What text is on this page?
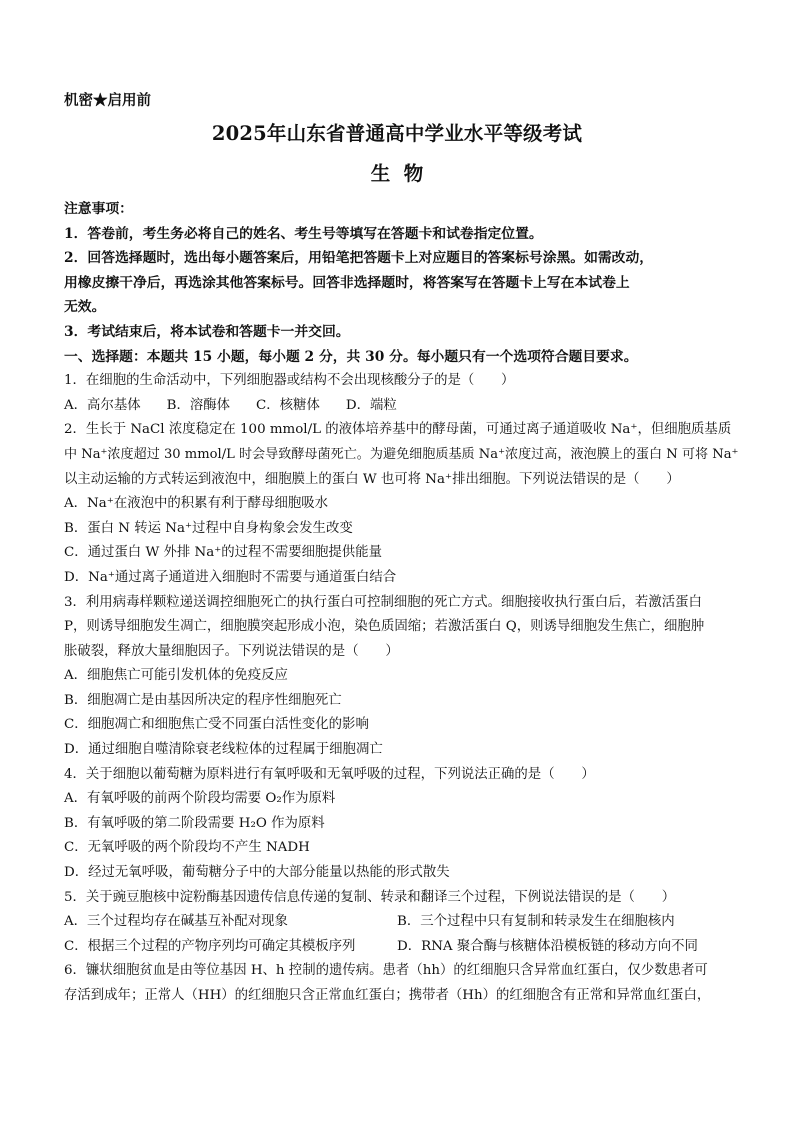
机密★启用前
2025年山东省普通高中学业水平等级考试
生  物
注意事项：
1．答卷前，考生务必将自己的姓名、考生号等填写在答题卡和试卷指定位置。
2．回答选择题时，选出每小题答案后，用铅笔把答题卡上对应题目的答案标号涂黑。如需改动，
用橡皮擦干净后，再选涂其他答案标号。回答非选择题时，将答案写在答题卡上写在本试卷上
无效。
3．考试结束后，将本试卷和答题卡一并交回。
一、选择题：本题共 15 小题，每小题 2 分，共 30 分。每小题只有一个选项符合题目要求。
1．在细胞的生命活动中，下列细胞器或结构不会出现核酸分子的是（　　）
A．高尔基体 B．溶酶体 C．核糖体 D．端粒
2．生长于 NaCl 浓度稳定在 100 mmol/L 的液体培养基中的酵母菌，可通过离子通道吸收 Na⁺，但细胞质基质
中 Na⁺浓度超过 30 mmol/L 时会导致酵母菌死亡。为避免细胞质基质 Na⁺浓度过高，液泡膜上的蛋白 N 可将 Na⁺
以主动运输的方式转运到液泡中，细胞膜上的蛋白 W 也可将 Na⁺排出细胞。下列说法错误的是（　　）
A．Na⁺在液泡中的积累有利于酵母细胞吸水
B．蛋白 N 转运 Na⁺过程中自身构象会发生改变
C．通过蛋白 W 外排 Na⁺的过程不需要细胞提供能量
D．Na⁺通过离子通道进入细胞时不需要与通道蛋白结合
3．利用病毒样颗粒递送调控细胞死亡的执行蛋白可控制细胞的死亡方式。细胞接收执行蛋白后，若激活蛋白
P，则诱导细胞发生凋亡，细胞膜突起形成小泡，染色质固缩；若激活蛋白 Q，则诱导细胞发生焦亡，细胞肿
胀破裂，释放大量细胞因子。下列说法错误的是（　　）
A．细胞焦亡可能引发机体的免疫反应
B．细胞凋亡是由基因所决定的程序性细胞死亡
C．细胞凋亡和细胞焦亡受不同蛋白活性变化的影响
D．通过细胞自噬清除衰老线粒体的过程属于细胞凋亡
4．关于细胞以葡萄糖为原料进行有氧呼吸和无氧呼吸的过程，下列说法正确的是（　　）
A．有氧呼吸的前两个阶段均需要 O₂作为原料
B．有氧呼吸的第二阶段需要 H₂O 作为原料
C．无氧呼吸的两个阶段均不产生 NADH
D．经过无氧呼吸，葡萄糖分子中的大部分能量以热能的形式散失
5．关于豌豆胞核中淀粉酶基因遗传信息传递的复制、转录和翻译三个过程，下例说法错误的是（　　）
A．三个过程均存在碱基互补配对现象	B．三个过程中只有复制和转录发生在细胞核内
C．根据三个过程的产物序列均可确定其模板序列	D．RNA 聚合酶与核糖体沿模板链的移动方向不同
6．镰状细胞贫血是由等位基因 H、h 控制的遗传病。患者（hh）的红细胞只含异常血红蛋白，仅少数患者可
存活到成年；正常人（HH）的红细胞只含正常血红蛋白；携带者（Hh）的红细胞含有正常和异常血红蛋白，
